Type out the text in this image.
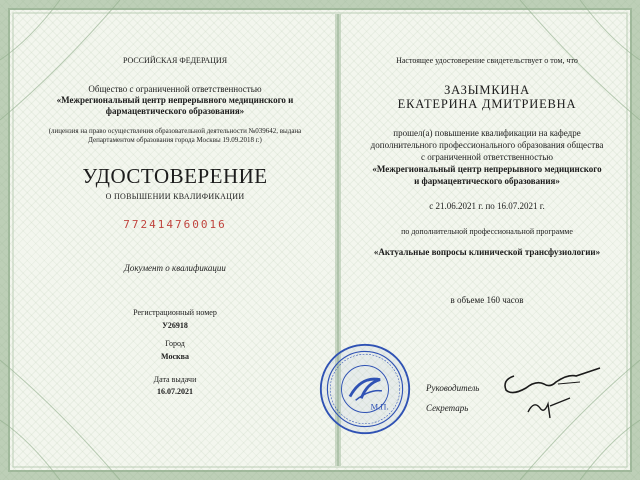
РОССИЙСКАЯ ФЕДЕРАЦИЯ
Общество с ограниченной ответственностью
«Межрегиональный центр непрерывного медицинского и
фармацевтического образования»
(лицензия на право осуществления образовательной деятельности №039642, выдана
Департаментом образования города Москвы 19.09.2018 г.)
УДОСТОВЕРЕНИЕ
О ПОВЫШЕНИИ КВАЛИФИКАЦИИ
772414760016
Документ о квалификации
Регистрационный номер
У26918
Город
Москва
Дата выдачи
16.07.2021
Настоящее удостоверение свидетельствует о том, что
ЗАЗЫМКИНА
ЕКАТЕРИНА ДМИТРИЕВНА
прошел(а) повышение квалификации на кафедре
дополнительного профессионального образования общества
с ограниченной ответственностью
«Межрегиональный центр непрерывного медицинского
и фармацевтического образования»
с 21.06.2021 г. по 16.07.2021 г.
по дополнительной профессиональной программе
«Актуальные вопросы клинической трансфузиологии»
в объеме 160 часов
М.П.
Руководитель
Секретарь
